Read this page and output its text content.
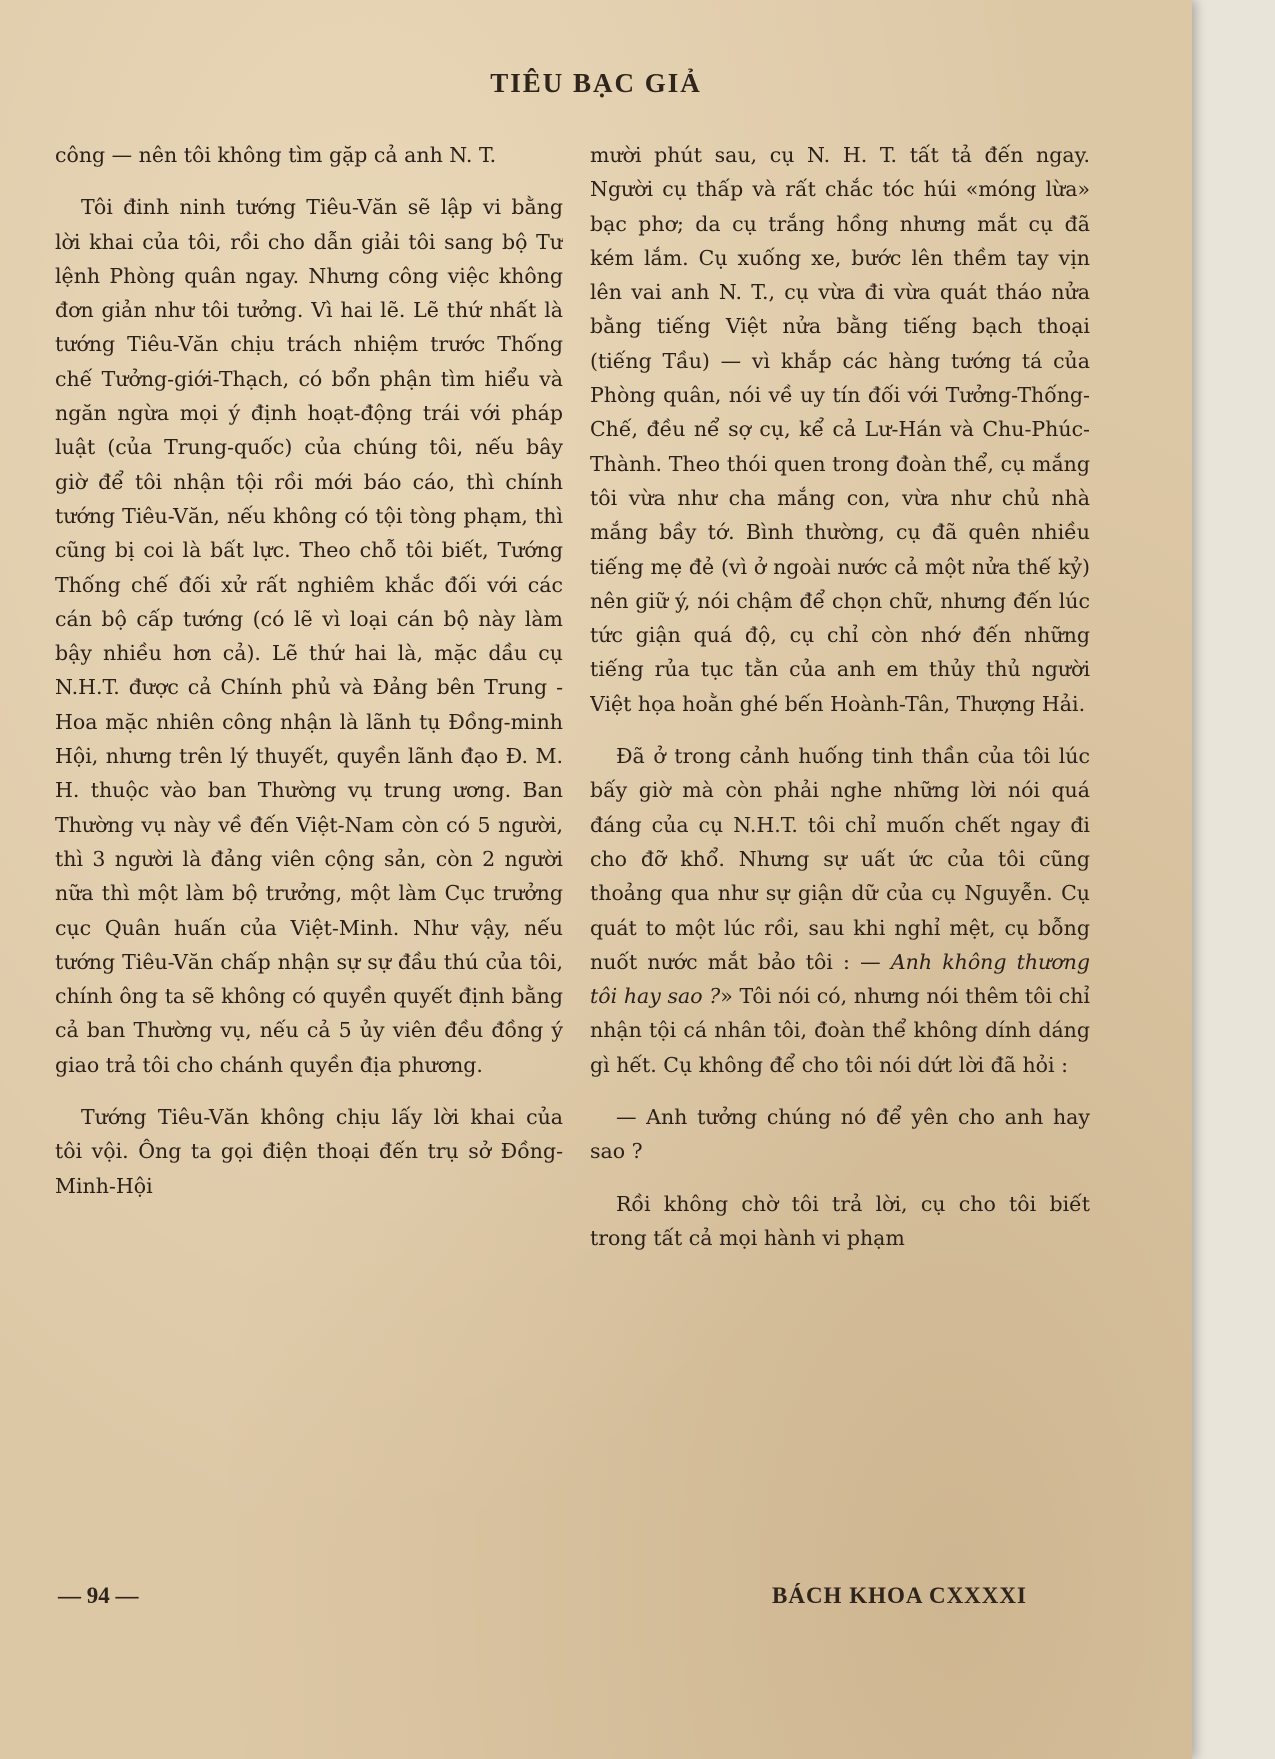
TIÊU BẠC GIẢ

công — nên tôi không tìm gặp cả anh N. T.

Tôi đinh ninh tướng Tiêu-Văn sẽ lập vi bằng lời khai của tôi, rồi cho dẫn giải tôi sang bộ Tư lệnh Phòng quân ngay. Nhưng công việc không đơn giản như tôi tưởng. Vì hai lẽ. Lẽ thứ nhất là tướng Tiêu-Văn chịu trách nhiệm trước Thống chế Tưởng-giới-Thạch, có bổn phận tìm hiểu và ngăn ngừa mọi ý định hoạt-động trái với pháp luật (của Trung-quốc) của chúng tôi, nếu bây giờ để tôi nhận tội rồi mới báo cáo, thì chính tướng Tiêu-Văn, nếu không có tội tòng phạm, thì cũng bị coi là bất lực. Theo chỗ tôi biết, Tướng Thống chế đối xử rất nghiêm khắc đối với các cán bộ cấp tướng (có lẽ vì loại cán bộ này làm bậy nhiều hơn cả). Lẽ thứ hai là, mặc dầu cụ N.H.T. được cả Chính phủ và Đảng bên Trung - Hoa mặc nhiên công nhận là lãnh tụ Đồng-minh Hội, nhưng trên lý thuyết, quyền lãnh đạo Đ. M. H. thuộc vào ban Thường vụ trung ương. Ban Thường vụ này về đến Việt-Nam còn có 5 người, thì 3 người là đảng viên cộng sản, còn 2 người nữa thì một làm bộ trưởng, một làm Cục trưởng cục Quân huấn của Việt-Minh. Như vậy, nếu tướng Tiêu-Văn chấp nhận sự sự đầu thú của tôi, chính ông ta sẽ không có quyền quyết định bằng cả ban Thường vụ, nếu cả 5 ủy viên đều đồng ý giao trả tôi cho chánh quyền địa phương.

Tướng Tiêu-Văn không chịu lấy lời khai của tôi vội. Ông ta gọi điện thoại đến trụ sở Đồng-Minh-Hội

mười phút sau, cụ N. H. T. tất tả đến ngay. Người cụ thấp và rất chắc tóc húi «móng lừa» bạc phơ; da cụ trắng hồng nhưng mắt cụ đã kém lắm. Cụ xuống xe, bước lên thềm tay vịn lên vai anh N. T., cụ vừa đi vừa quát tháo nửa bằng tiếng Việt nửa bằng tiếng bạch thoại (tiếng Tầu) — vì khắp các hàng tướng tá của Phòng quân, nói về uy tín đối với Tưởng-Thống-Chế, đều nể sợ cụ, kể cả Lư-Hán và Chu-Phúc-Thành. Theo thói quen trong đoàn thể, cụ mắng tôi vừa như cha mắng con, vừa như chủ nhà mắng bầy tớ. Bình thường, cụ đã quên nhiều tiếng mẹ đẻ (vì ở ngoài nước cả một nửa thế kỷ) nên giữ ý, nói chậm để chọn chữ, nhưng đến lúc tức giận quá độ, cụ chỉ còn nhớ đến những tiếng rủa tục tằn của anh em thủy thủ người Việt họa hoằn ghé bến Hoành-Tân, Thượng Hải.

Đã ở trong cảnh huống tinh thần của tôi lúc bấy giờ mà còn phải nghe những lời nói quá đáng của cụ N.H.T. tôi chỉ muốn chết ngay đi cho đỡ khổ. Nhưng sự uất ức của tôi cũng thoảng qua như sự giận dữ của cụ Nguyễn. Cụ quát to một lúc rồi, sau khi nghỉ mệt, cụ bỗng nuốt nước mắt bảo tôi : — Anh không thương tôi hay sao ?» Tôi nói có, nhưng nói thêm tôi chỉ nhận tội cá nhân tôi, đoàn thể không dính dáng gì hết. Cụ không để cho tôi nói dứt lời đã hỏi :

— Anh tưởng chúng nó để yên cho anh hay sao ?

Rồi không chờ tôi trả lời, cụ cho tôi biết trong tất cả mọi hành vi phạm

— 94 —	BÁCH KHOA CXXXXI
